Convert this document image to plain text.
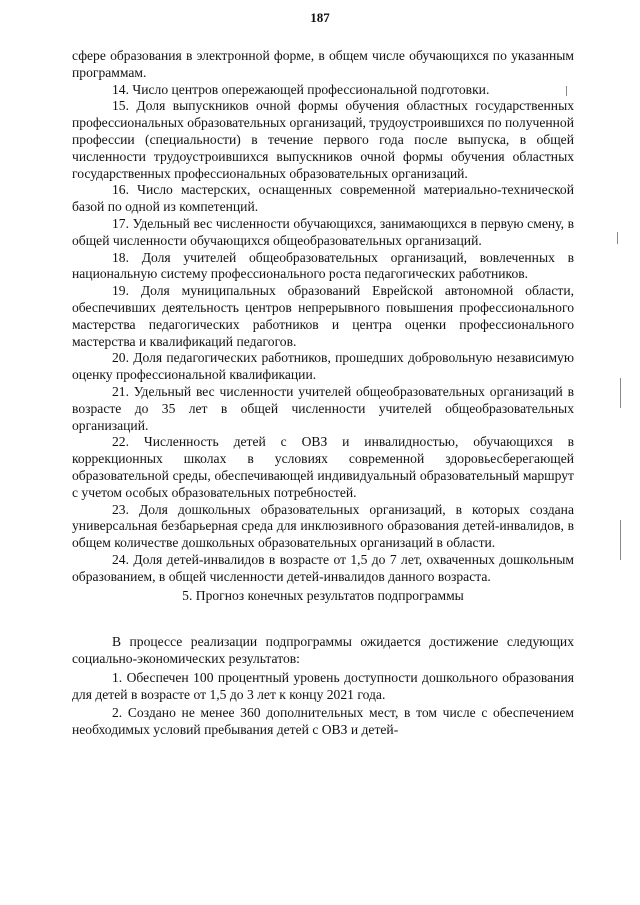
187

сфере образования в электронной форме, в общем числе обучающихся по указанным программам.

14. Число центров опережающей профессиональной подготовки.

15. Доля выпускников очной формы обучения областных государственных профессиональных образовательных организаций, трудоустроившихся по полученной профессии (специальности) в течение первого года после выпуска, в общей численности трудоустроившихся выпускников очной формы обучения областных государственных профессиональных образовательных организаций.

16. Число мастерских, оснащенных современной материально-технической базой по одной из компетенций.

17. Удельный вес численности обучающихся, занимающихся в первую смену, в общей численности обучающихся общеобразовательных организаций.

18. Доля учителей общеобразовательных организаций, вовлеченных в национальную систему профессионального роста педагогических работников.

19. Доля муниципальных образований Еврейской автономной области, обеспечивших деятельность центров непрерывного повышения профессионального мастерства педагогических работников и центра оценки профессионального мастерства и квалификаций педагогов.

20. Доля педагогических работников, прошедших добровольную независимую оценку профессиональной квалификации.

21. Удельный вес численности учителей общеобразовательных организаций в возрасте до 35 лет в общей численности учителей общеобразовательных организаций.

22. Численность детей с ОВЗ и инвалидностью, обучающихся в коррекционных школах в условиях современной здоровьесберегающей образовательной среды, обеспечивающей индивидуальный образовательный маршрут с учетом особых образовательных потребностей.

23. Доля дошкольных образовательных организаций, в которых создана универсальная безбарьерная среда для инклюзивного образования детей-инвалидов, в общем количестве дошкольных образовательных организаций в области.

24. Доля детей-инвалидов в возрасте от 1,5 до 7 лет, охваченных дошкольным образованием, в общей численности детей-инвалидов данного возраста.

5. Прогноз конечных результатов подпрограммы

В процессе реализации подпрограммы ожидается достижение следующих социально-экономических результатов:

1. Обеспечен 100 процентный уровень доступности дошкольного образования для детей в возрасте от 1,5 до 3 лет к концу 2021 года.

2. Создано не менее 360 дополнительных мест, в том числе с обеспечением необходимых условий пребывания детей с ОВЗ и детей-
